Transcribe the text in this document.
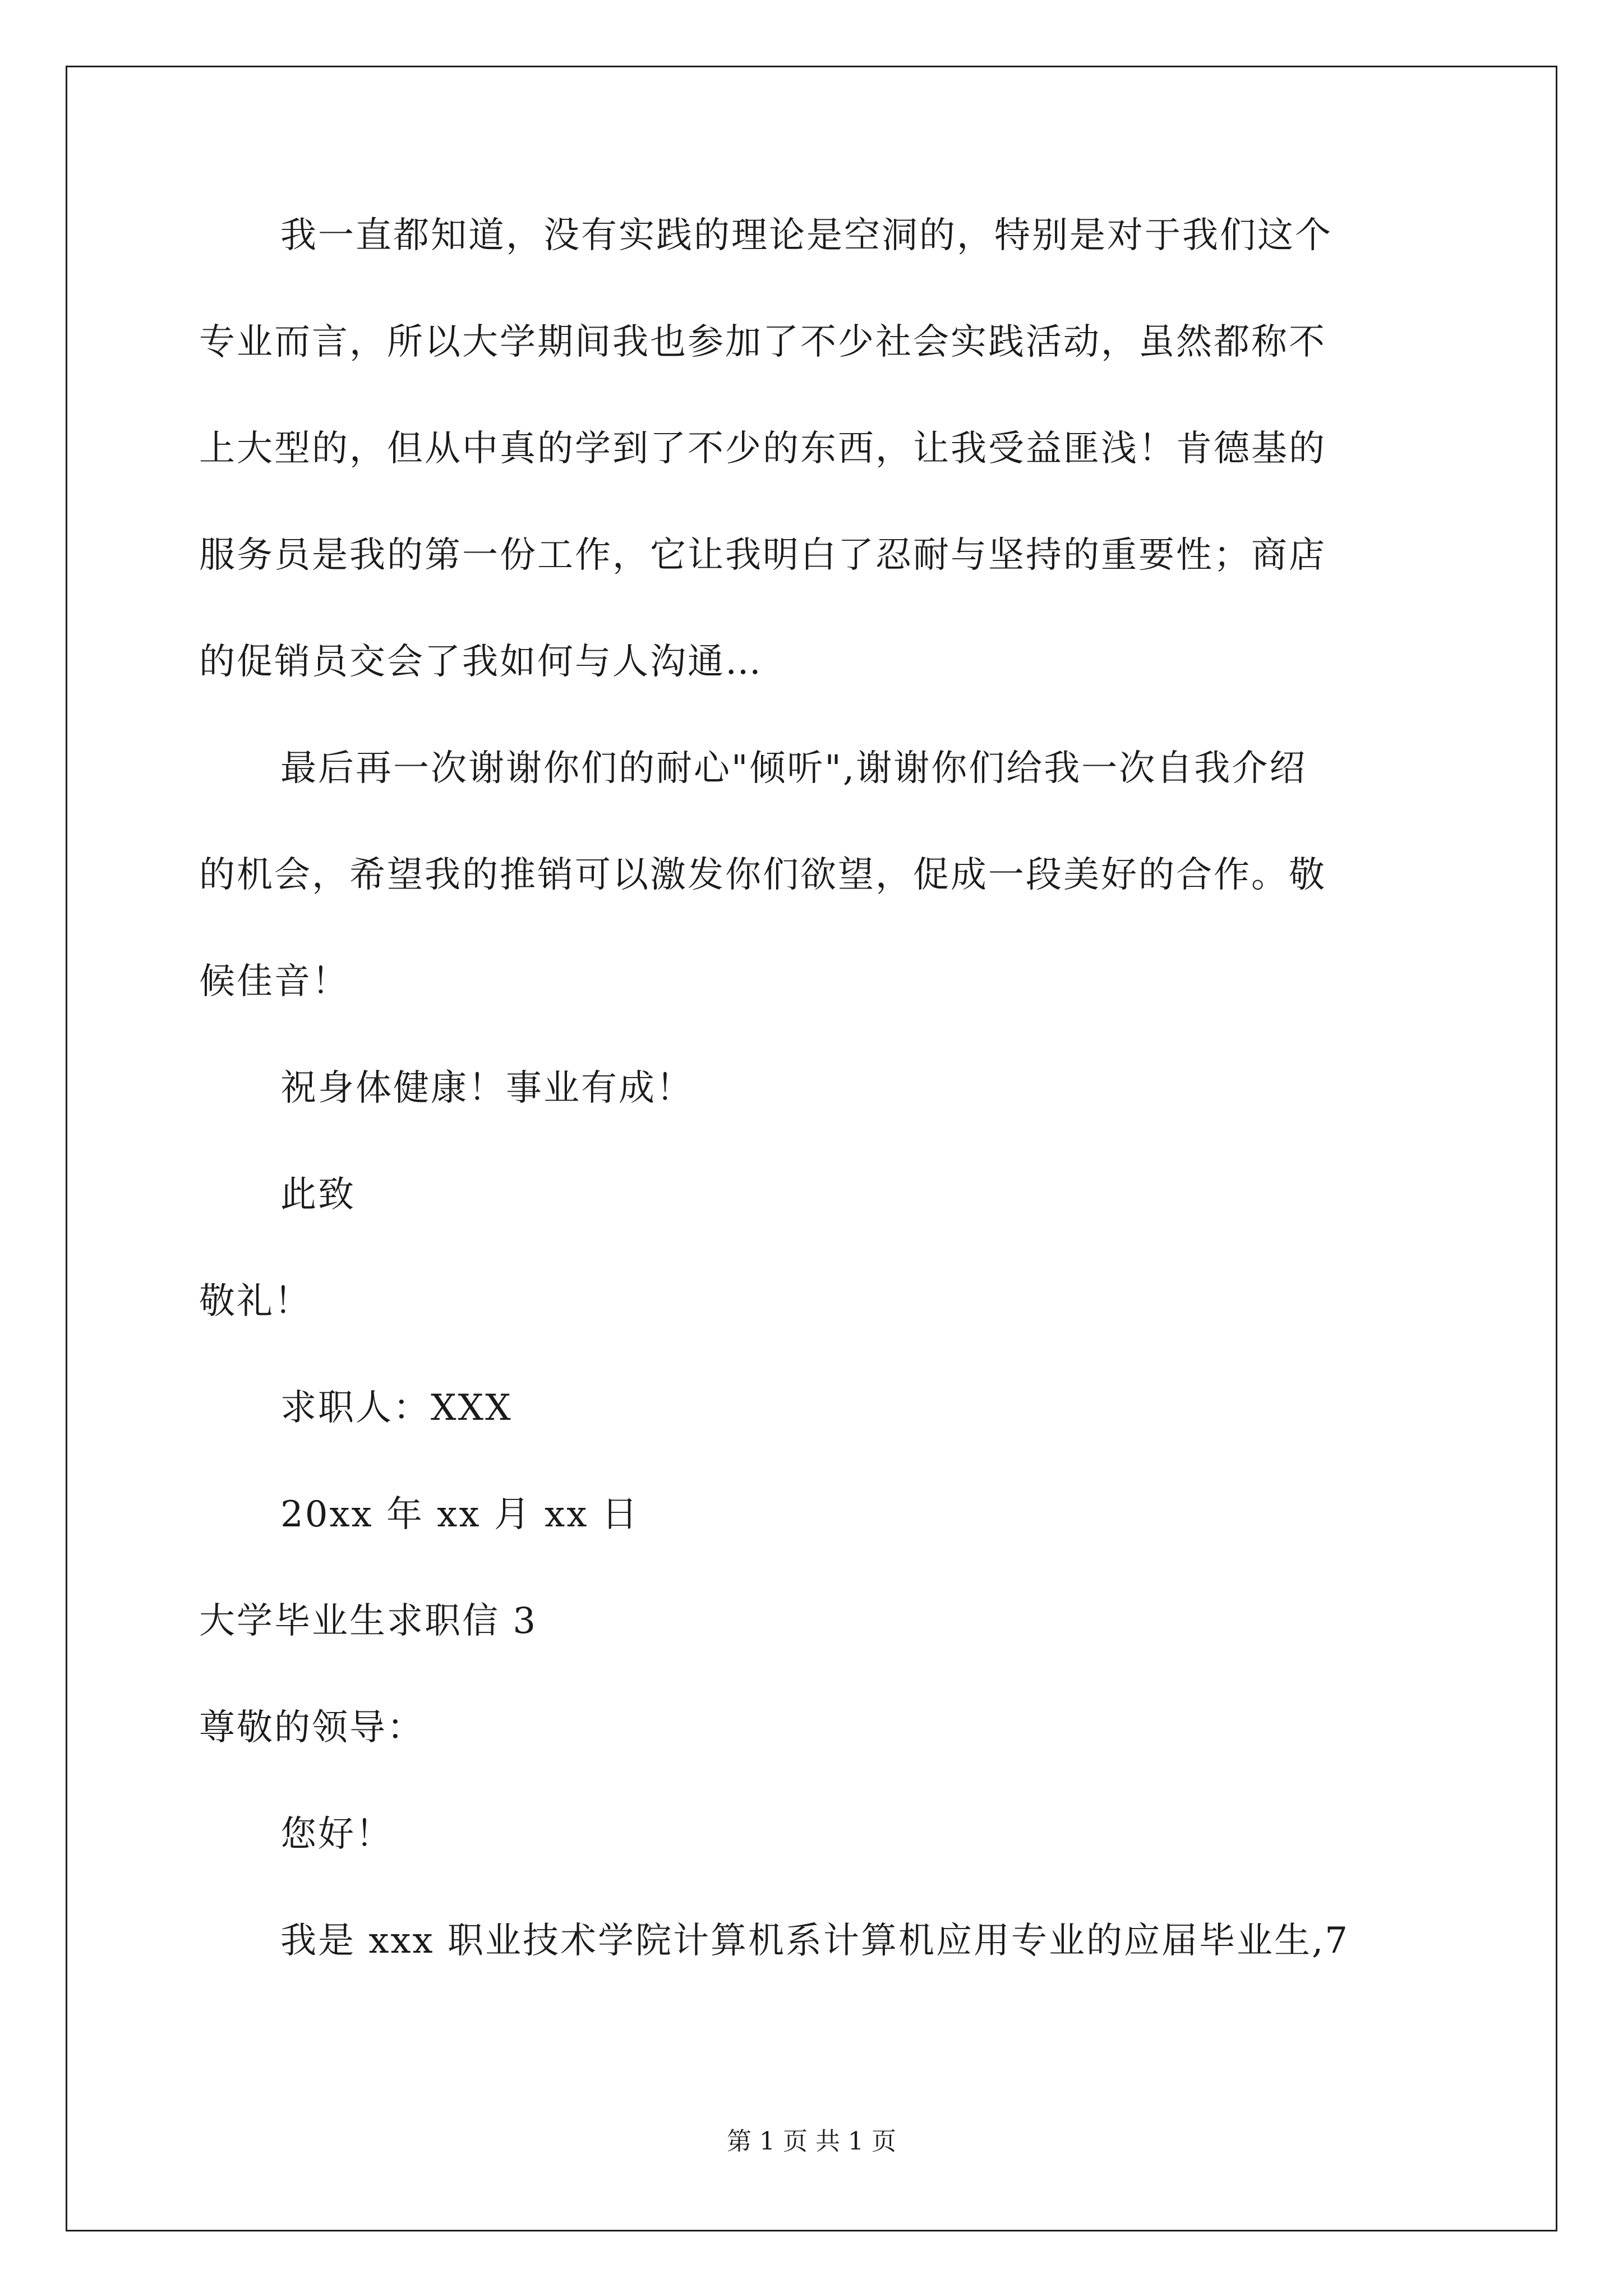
我一直都知道，没有实践的理论是空洞的，特别是对于我们这个
专业而言，所以大学期间我也参加了不少社会实践活动，虽然都称不
上大型的，但从中真的学到了不少的东西，让我受益匪浅！肯德基的
服务员是我的第一份工作，它让我明白了忍耐与坚持的重要性；商店
的促销员交会了我如何与人沟通…
最后再一次谢谢你们的耐心"倾听",谢谢你们给我一次自我介绍
的机会，希望我的推销可以激发你们欲望，促成一段美好的合作。敬
候佳音！
祝身体健康！事业有成！
此致
敬礼！
求职人：XXX
20xx 年 xx 月 xx 日
大学毕业生求职信 3
尊敬的领导：
您好！
我是 xxx 职业技术学院计算机系计算机应用专业的应届毕业生,7
第 1 页 共 1 页
